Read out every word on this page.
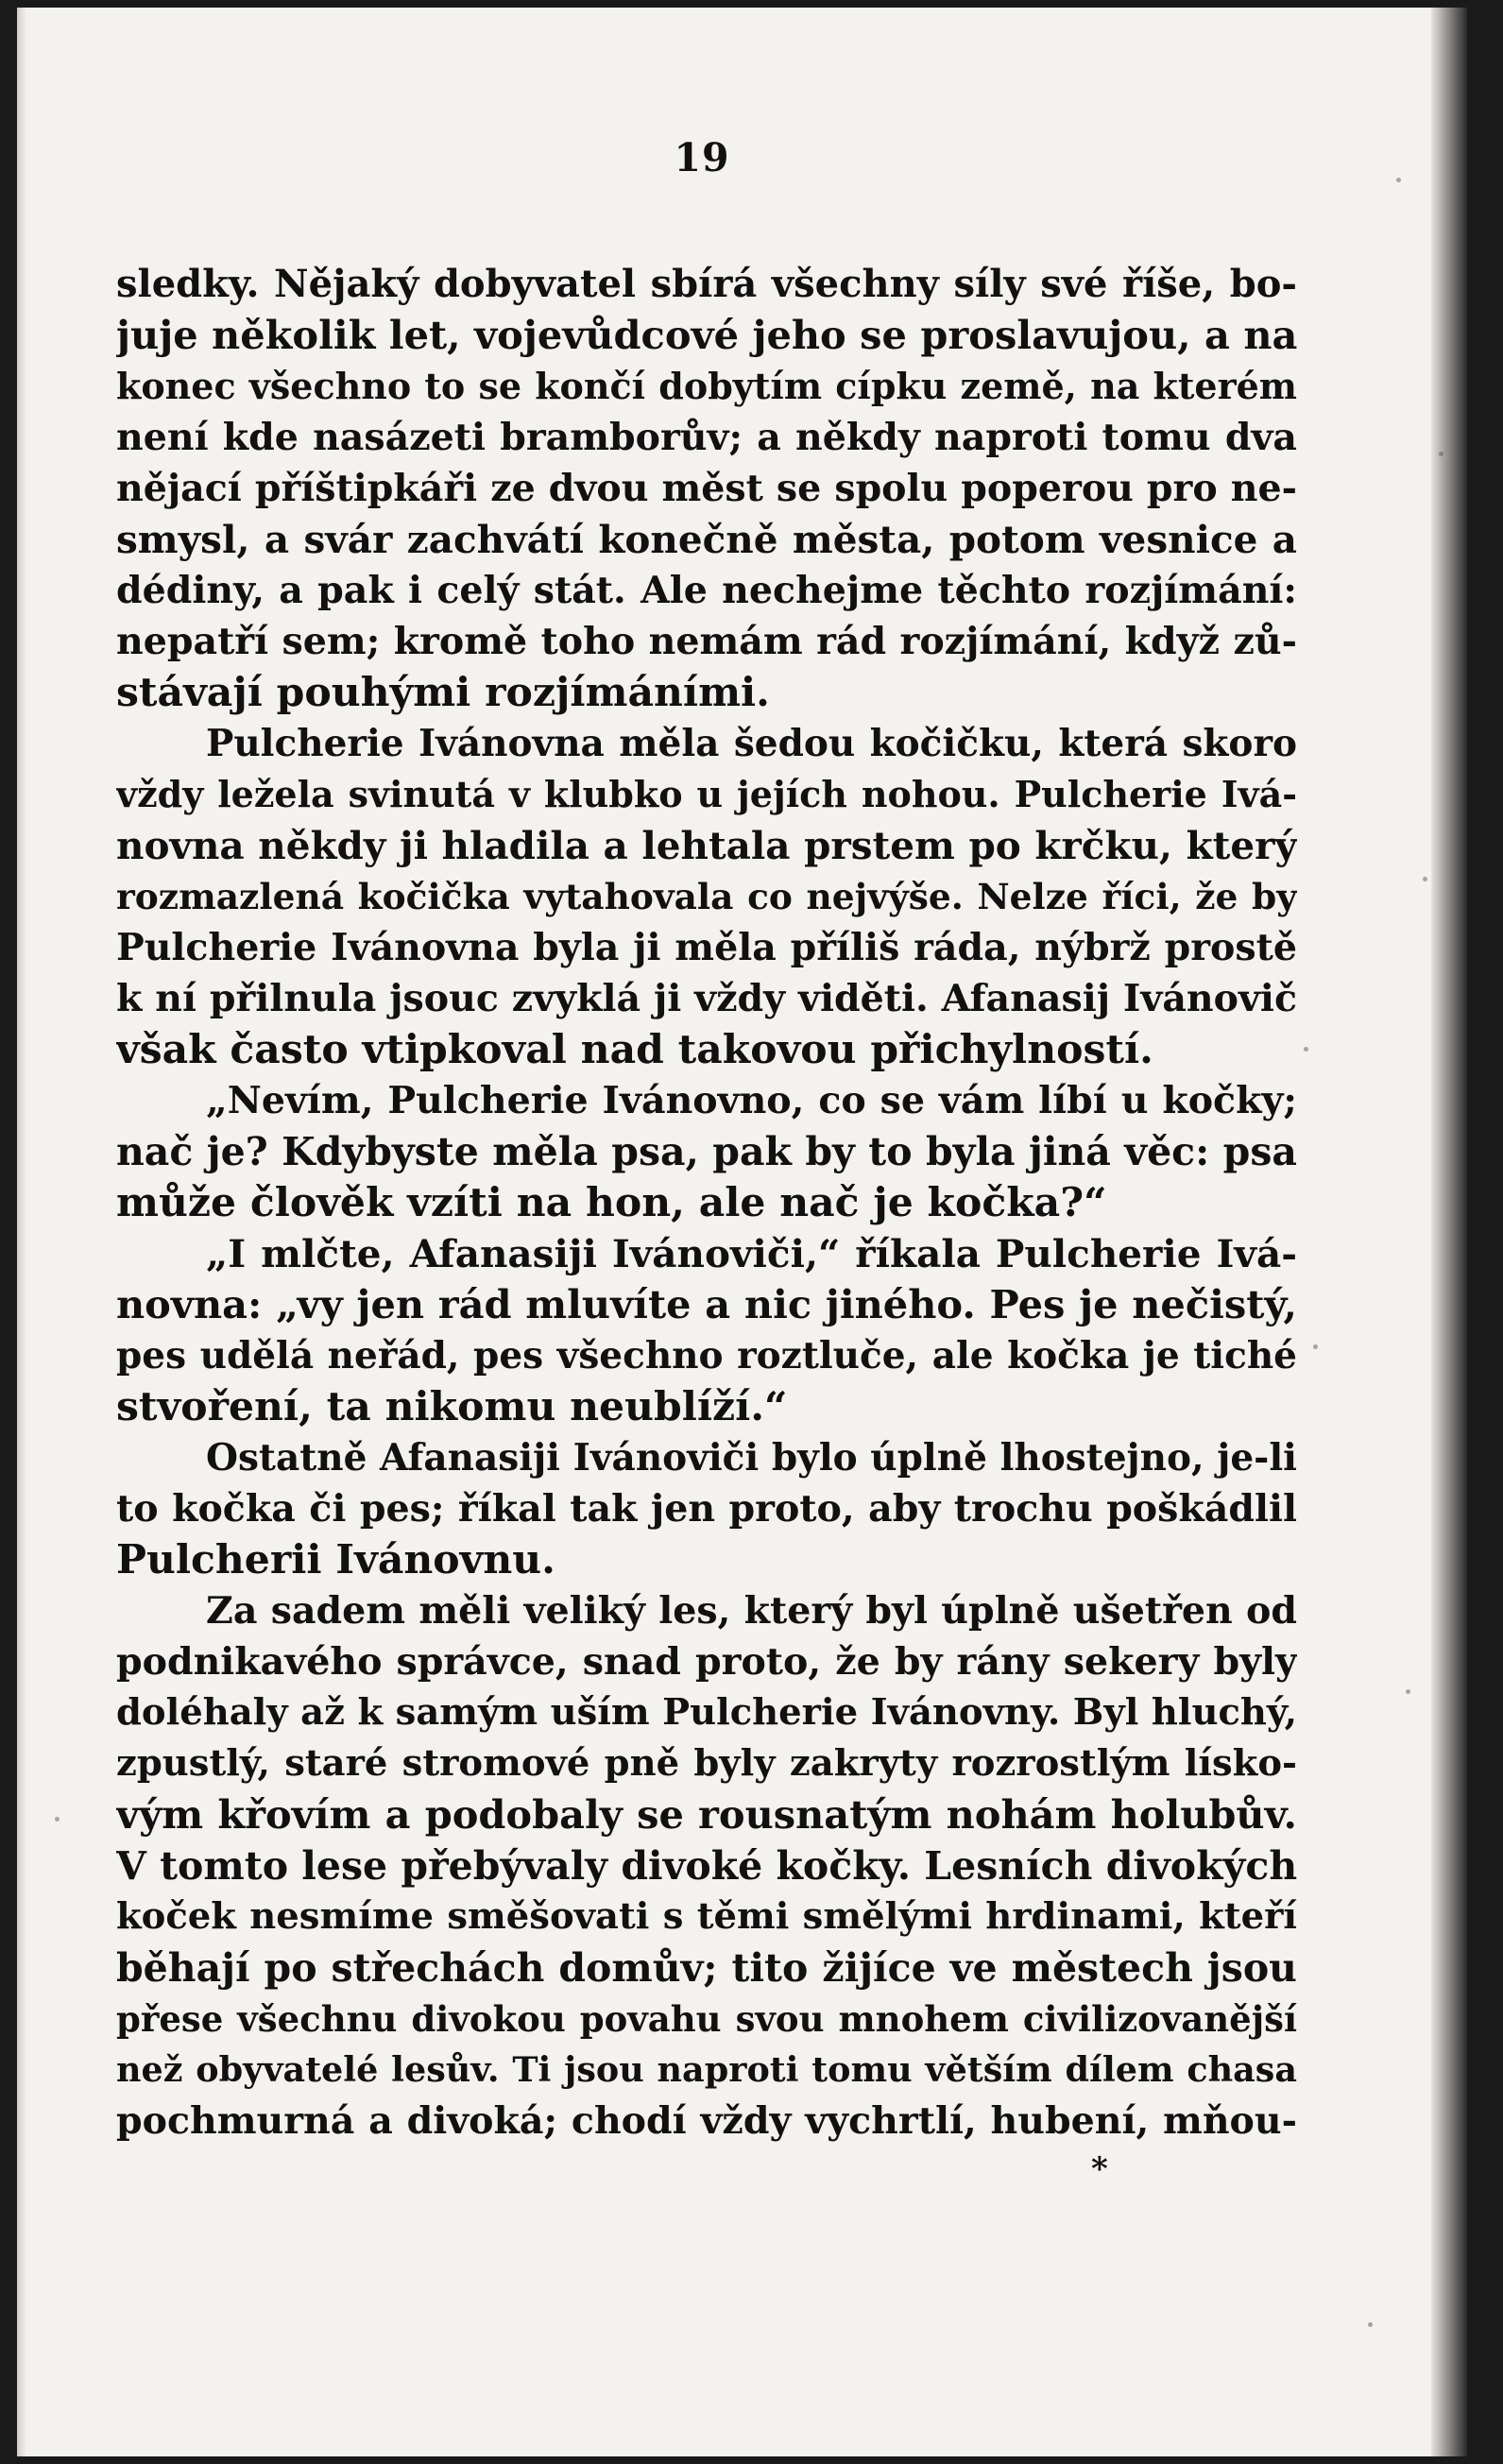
19
sledky. Nějaký dobyvatel sbírá všechny síly své říše, bo-
juje několik let, vojevůdcové jeho se proslavujou, a na
konec všechno to se končí dobytím cípku země, na kterém
není kde nasázeti bramborův; a někdy naproti tomu dva
nějací příštipkáři ze dvou měst se spolu poperou pro ne-
smysl, a svár zachvátí konečně města, potom vesnice a
dédiny, a pak i celý stát. Ale nechejme těchto rozjímání:
nepatří sem; kromě toho nemám rád rozjímání, když zů-
stávají pouhými rozjímáními.
Pulcherie Ivánovna měla šedou kočičku, která skoro
vždy ležela svinutá v klubko u jejích nohou. Pulcherie Ivá-
novna někdy ji hladila a lehtala prstem po krčku, který
rozmazlená kočička vytahovala co nejvýše. Nelze říci, že by
Pulcherie Ivánovna byla ji měla příliš ráda, nýbrž prostě
k ní přilnula jsouc zvyklá ji vždy viděti. Afanasij Ivánovič
však často vtipkoval nad takovou přichylností.
„Nevím, Pulcherie Ivánovno, co se vám líbí u kočky;
nač je? Kdybyste měla psa, pak by to byla jiná věc: psa
může člověk vzíti na hon, ale nač je kočka?“
„I mlčte, Afanasiji Ivánoviči,“ říkala Pulcherie Ivá-
novna: „vy jen rád mluvíte a nic jiného. Pes je nečistý,
pes udělá neřád, pes všechno roztluče, ale kočka je tiché
stvoření, ta nikomu neublíží.“
Ostatně Afanasiji Ivánoviči bylo úplně lhostejno, je-li
to kočka či pes; říkal tak jen proto, aby trochu poškádlil
Pulcherii Ivánovnu.
Za sadem měli veliký les, který byl úplně ušetřen od
podnikavého správce, snad proto, že by rány sekery byly
doléhaly až k samým uším Pulcherie Ivánovny. Byl hluchý,
zpustlý, staré stromové pně byly zakryty rozrostlým lísko-
vým křovím a podobaly se rousnatým nohám holubův.
V tomto lese přebývaly divoké kočky. Lesních divokých
koček nesmíme směšovati s těmi smělými hrdinami, kteří
běhají po střechách domův; tito žijíce ve městech jsou
přese všechnu divokou povahu svou mnohem civilizovanější
než obyvatelé lesův. Ti jsou naproti tomu větším dílem chasa
pochmurná a divoká; chodí vždy vychrtlí, hubení, mňou-
*
